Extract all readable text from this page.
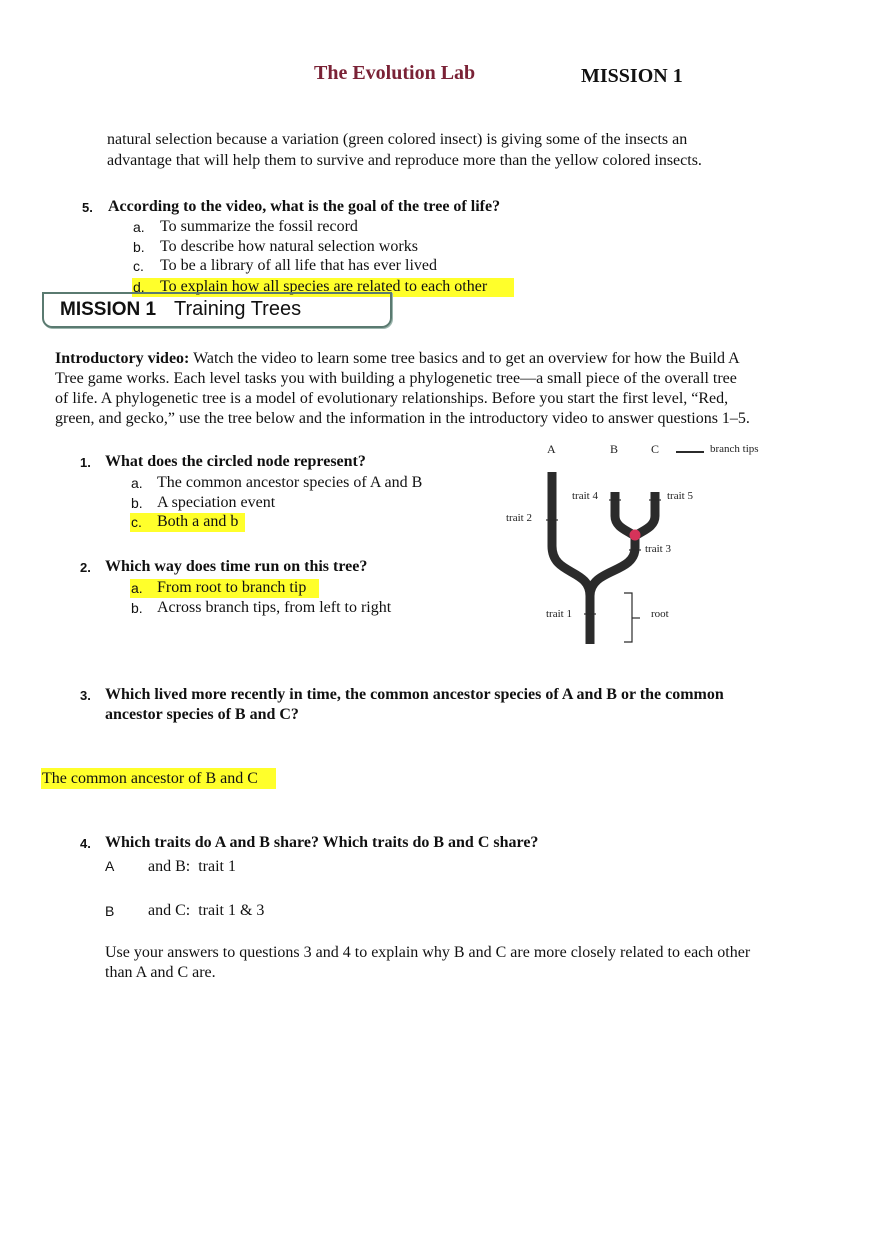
The Evolution Lab	MISSION 1
natural selection because a variation (green colored insect) is giving some of the insects an
advantage that will help them to survive and reproduce more than the yellow colored insects.
5. According to the video, what is the goal of the tree of life?
a. To summarize the fossil record
b. To describe how natural selection works
c. To be a library of all life that has ever lived
d. To explain how all species are related to each other
MISSION 1 Training Trees
Introductory video: Watch the video to learn some tree basics and to get an overview for how the Build A
Tree game works. Each level tasks you with building a phylogenetic tree—a small piece of the overall tree
of life. A phylogenetic tree is a model of evolutionary relationships. Before you start the first level, “Red,
green, and gecko,” use the tree below and the information in the introductory video to answer questions 1–5.
1. What does the circled node represent?
a. The common ancestor species of A and B
b. A speciation event
c. Both a and b
2. Which way does time run on this tree?
a. From root to branch tip
b. Across branch tips, from left to right
A	B	C	branch tips
trait 4	trait 5
trait 2
trait 3
trait 1	root
3. Which lived more recently in time, the common ancestor species of A and B or the common
ancestor species of B and C?
The common ancestor of B and C
4. Which traits do A and B share? Which traits do B and C share?
A and B:  trait 1
B and C:  trait 1 & 3
Use your answers to questions 3 and 4 to explain why B and C are more closely related to each other
than A and C are.
